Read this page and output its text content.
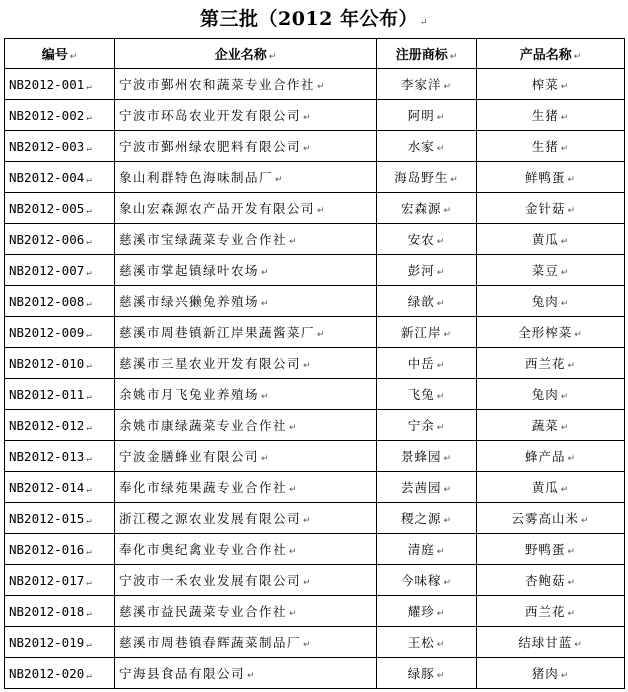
第三批（2012 年公布） ↵
编号 ↵	企业名称 ↵	注册商标 ↵	产品名称 ↵
NB2012-001 ↵	宁波市鄞州农和蔬菜专业合作社 ↵	李家洋 ↵	榨菜 ↵
NB2012-002 ↵	宁波市环岛农业开发有限公司 ↵	阿明 ↵	生猪 ↵
NB2012-003 ↵	宁波市鄞州绿农肥料有限公司 ↵	水家 ↵	生猪 ↵
NB2012-004 ↵	象山利群特色海味制品厂 ↵	海岛野生 ↵	鲜鸭蛋 ↵
NB2012-005 ↵	象山宏森源农产品开发有限公司 ↵	宏森源 ↵	金针菇 ↵
NB2012-006 ↵	慈溪市宝绿蔬菜专业合作社 ↵	安农 ↵	黄瓜 ↵
NB2012-007 ↵	慈溪市掌起镇绿叶农场 ↵	彭河 ↵	菜豆 ↵
NB2012-008 ↵	慈溪市绿兴獭兔养殖场 ↵	绿歆 ↵	兔肉 ↵
NB2012-009 ↵	慈溪市周巷镇新江岸果蔬酱菜厂 ↵	新江岸 ↵	全形榨菜 ↵
NB2012-010 ↵	慈溪市三星农业开发有限公司 ↵	中岳 ↵	西兰花 ↵
NB2012-011 ↵	余姚市月飞兔业养殖场 ↵	飞兔 ↵	兔肉 ↵
NB2012-012 ↵	余姚市康绿蔬菜专业合作社 ↵	宁余 ↵	蔬菜 ↵
NB2012-013 ↵	宁波金膳蜂业有限公司 ↵	景蜂园 ↵	蜂产品 ↵
NB2012-014 ↵	奉化市绿苑果蔬专业合作社 ↵	芸茜园 ↵	黄瓜 ↵
NB2012-015 ↵	浙江稷之源农业发展有限公司 ↵	稷之源 ↵	云雾高山米 ↵
NB2012-016 ↵	奉化市奥纪禽业专业合作社 ↵	清庭 ↵	野鸭蛋 ↵
NB2012-017 ↵	宁波市一禾农业发展有限公司 ↵	今味稼 ↵	杏鲍菇 ↵
NB2012-018 ↵	慈溪市益民蔬菜专业合作社 ↵	耀珍 ↵	西兰花 ↵
NB2012-019 ↵	慈溪市周巷镇春辉蔬菜制品厂 ↵	王松 ↵	结球甘蓝 ↵
NB2012-020 ↵	宁海县食品有限公司 ↵	绿豚 ↵	猪肉 ↵
